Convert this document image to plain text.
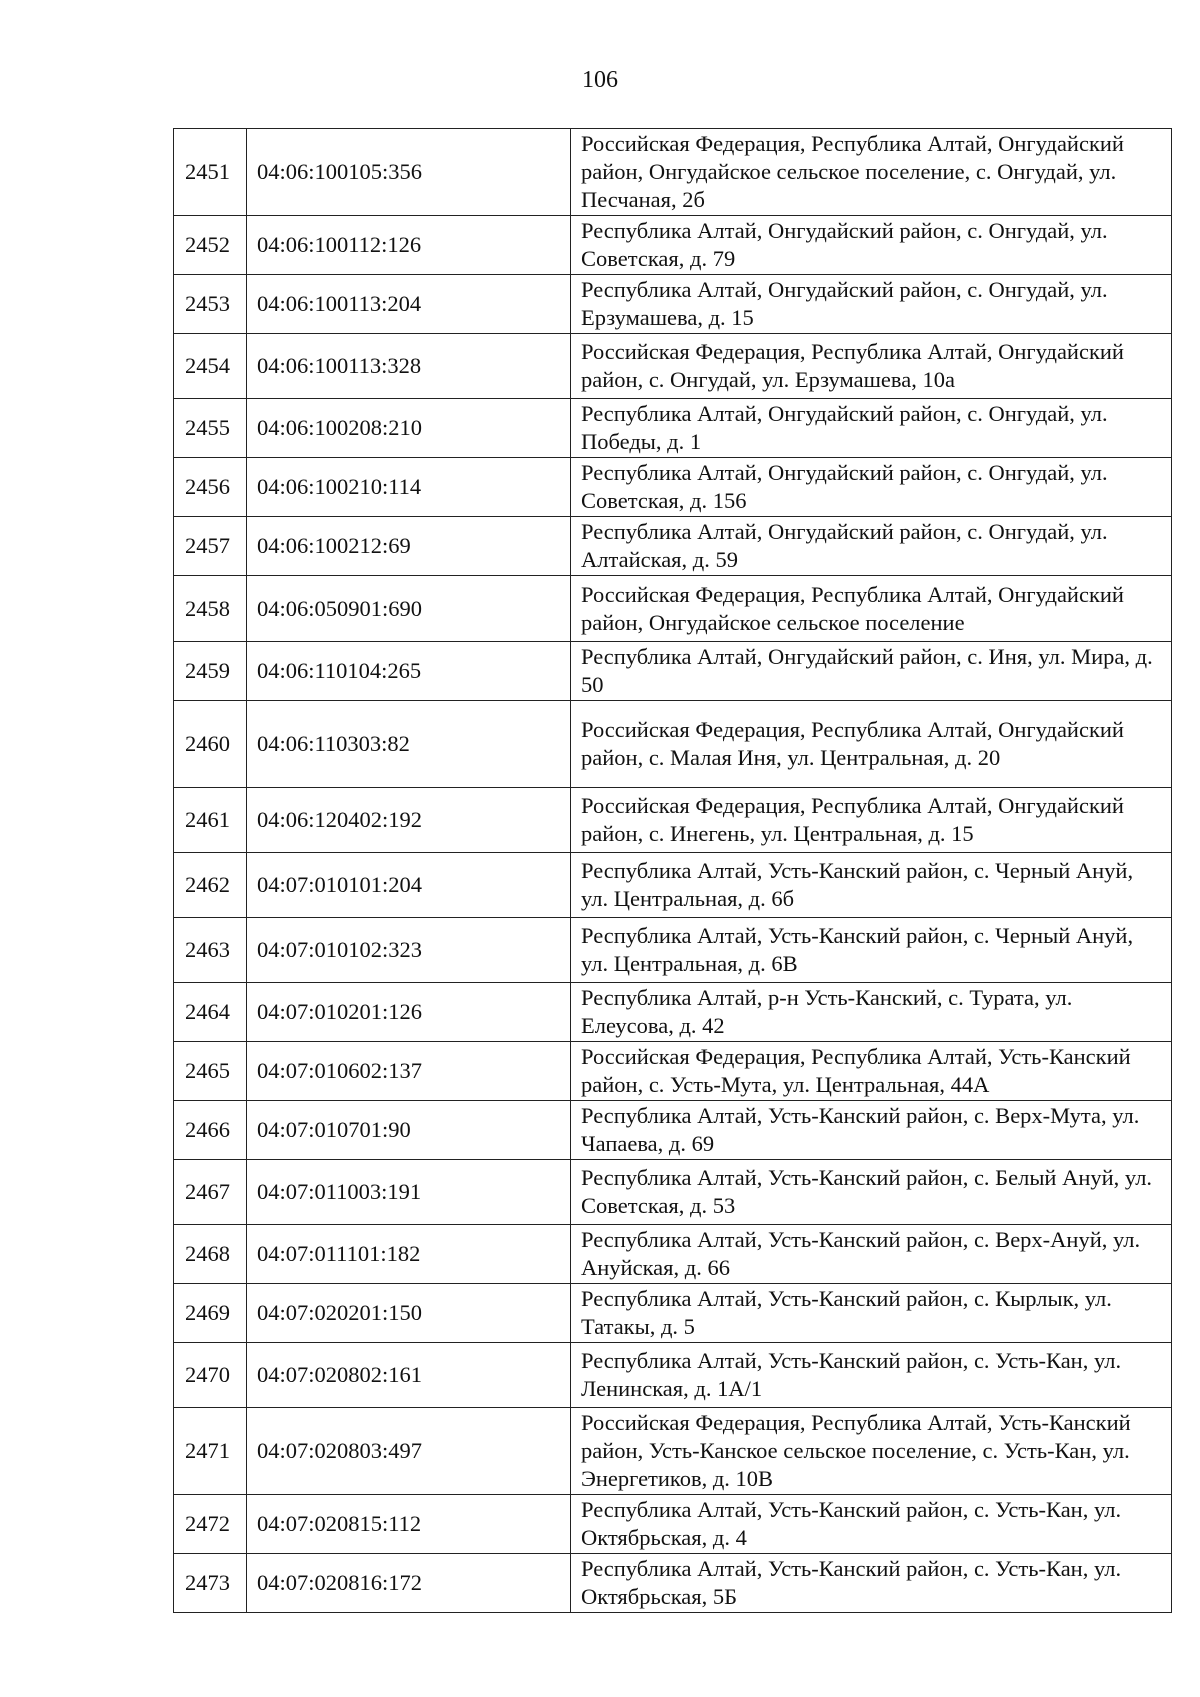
106
2451	04:06:100105:356	Российская Федерация, Республика Алтай, Онгудайский район, Онгудайское сельское поселение, с. Онгудай, ул. Песчаная, 2б
2452	04:06:100112:126	Республика Алтай, Онгудайский район, с. Онгудай, ул. Советская, д. 79
2453	04:06:100113:204	Республика Алтай, Онгудайский район, с. Онгудай, ул. Ерзумашева, д. 15
2454	04:06:100113:328	Российская Федерация, Республика Алтай, Онгудайский район, с. Онгудай, ул. Ерзумашева, 10а
2455	04:06:100208:210	Республика Алтай, Онгудайский район, с. Онгудай, ул. Победы, д. 1
2456	04:06:100210:114	Республика Алтай, Онгудайский район, с. Онгудай, ул. Советская, д. 156
2457	04:06:100212:69	Республика Алтай, Онгудайский район, с. Онгудай, ул. Алтайская, д. 59
2458	04:06:050901:690	Российская Федерация, Республика Алтай, Онгудайский район, Онгудайское сельское поселение
2459	04:06:110104:265	Республика Алтай, Онгудайский район, с. Иня, ул. Мира, д. 50
2460	04:06:110303:82	Российская Федерация, Республика Алтай, Онгудайский район, с. Малая Иня, ул. Центральная, д. 20
2461	04:06:120402:192	Российская Федерация, Республика Алтай, Онгудайский район, с. Инегень, ул. Центральная, д. 15
2462	04:07:010101:204	Республика Алтай, Усть-Канский район, с. Черный Ануй, ул. Центральная, д. 6б
2463	04:07:010102:323	Республика Алтай, Усть-Канский район, с. Черный Ануй, ул. Центральная, д. 6В
2464	04:07:010201:126	Республика Алтай, р-н Усть-Канский, с. Турата, ул. Елеусова, д. 42
2465	04:07:010602:137	Российская Федерация, Республика Алтай, Усть-Канский район, с. Усть-Мута, ул. Центральная, 44А
2466	04:07:010701:90	Республика Алтай, Усть-Канский район, с. Верх-Мута, ул. Чапаева, д. 69
2467	04:07:011003:191	Республика Алтай, Усть-Канский район, с. Белый Ануй, ул. Советская, д. 53
2468	04:07:011101:182	Республика Алтай, Усть-Канский район, с. Верх-Ануй, ул. Ануйская, д. 66
2469	04:07:020201:150	Республика Алтай, Усть-Канский район, с. Кырлык, ул. Татакы, д. 5
2470	04:07:020802:161	Республика Алтай, Усть-Канский район, с. Усть-Кан, ул. Ленинская, д. 1А/1
2471	04:07:020803:497	Российская Федерация, Республика Алтай, Усть-Канский район, Усть-Канское сельское поселение, с. Усть-Кан, ул. Энергетиков, д. 10В
2472	04:07:020815:112	Республика Алтай, Усть-Канский район, с. Усть-Кан, ул. Октябрьская, д. 4
2473	04:07:020816:172	Республика Алтай, Усть-Канский район, с. Усть-Кан, ул. Октябрьская, 5Б
